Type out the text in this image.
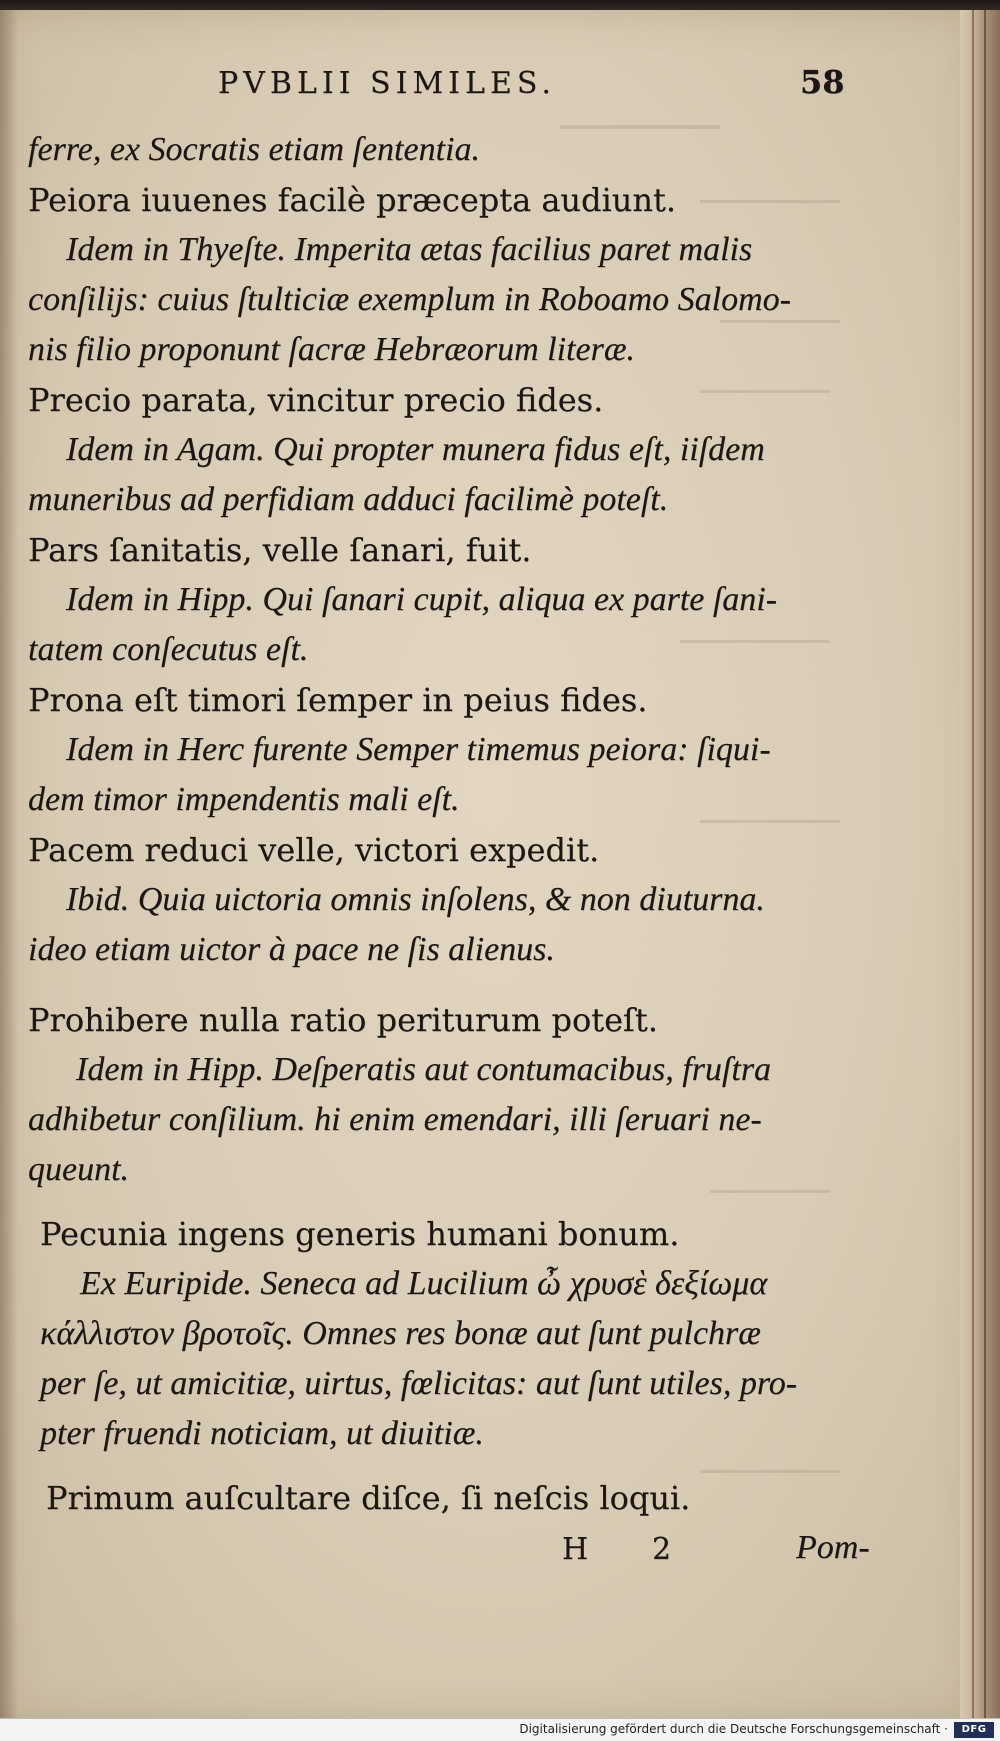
PVBLII SIMILES.	58

ferre, ex Socratis etiam ſententia.

Peiora iuuenes facilè præcepta audiunt.

Idem in Thyeſte. Imperita ætas facilius paret malis

conſilijs: cuius ſtulticiæ exemplum in Roboamo Salomo-

nis filio proponunt ſacræ Hebræorum literæ.

Precio parata, vincitur precio fides.

Idem in Agam. Qui propter munera fidus eſt, iiſdem

muneribus ad perfidiam adduci facilimè poteſt.

Pars ſanitatis, velle ſanari, fuit.

Idem in Hipp. Qui ſanari cupit, aliqua ex parte ſani-

tatem conſecutus eſt.

Prona eſt timori ſemper in peius fides.

Idem in Herc furente Semper timemus peiora: ſiqui-

dem timor impendentis mali eſt.

Pacem reduci velle, victori expedit.

Ibid. Quia uictoria omnis inſolens, & non diuturna.

ideo etiam uictor à pace ne ſis alienus.

Prohibere nulla ratio periturum poteſt.

Idem in Hipp. Deſperatis aut contumacibus, fruſtra

adhibetur conſilium. hi enim emendari, illi ſeruari ne-

queunt.

Pecunia ingens generis humani bonum.

Ex Euripide. Seneca ad Lucilium ὦ χρυσὲ δεξίωμα

κάλλιστον βροτοῖς. Omnes res bonæ aut ſunt pulchræ

per ſe, ut amicitiæ, uirtus, fœlicitas: aut ſunt utiles, pro-

pter fruendi noticiam, ut diuitiæ.

Primum auſcultare diſce, ſi neſcis loqui.

H 2	Pom-

Digitalisierung gefördert durch die Deutsche Forschungsgemeinschaft ·	DFG
